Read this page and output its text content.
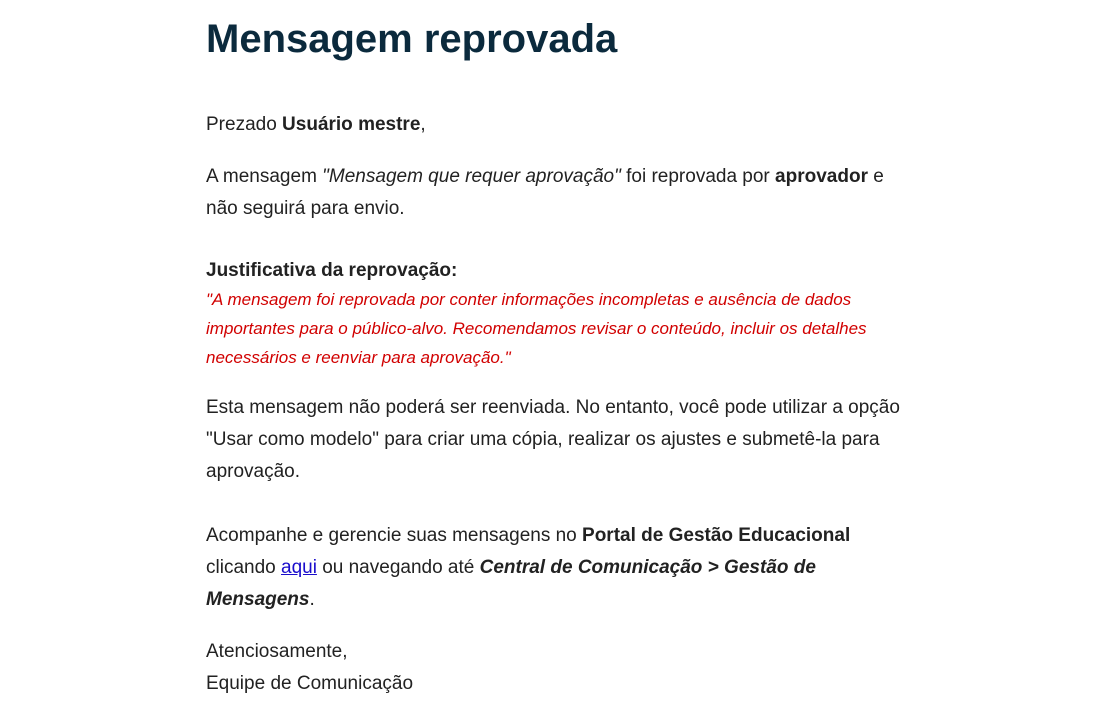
Mensagem reprovada

Prezado Usuário mestre,

A mensagem "Mensagem que requer aprovação" foi reprovada por aprovador e não seguirá para envio.

Justificativa da reprovação:

"A mensagem foi reprovada por conter informações incompletas e ausência de dados importantes para o público-alvo. Recomendamos revisar o conteúdo, incluir os detalhes necessários e reenviar para aprovação."

Esta mensagem não poderá ser reenviada. No entanto, você pode utilizar a opção "Usar como modelo" para criar uma cópia, realizar os ajustes e submetê-la para aprovação.

Acompanhe e gerencie suas mensagens no Portal de Gestão Educacional clicando aqui ou navegando até Central de Comunicação > Gestão de Mensagens.

Atenciosamente,
Equipe de Comunicação
